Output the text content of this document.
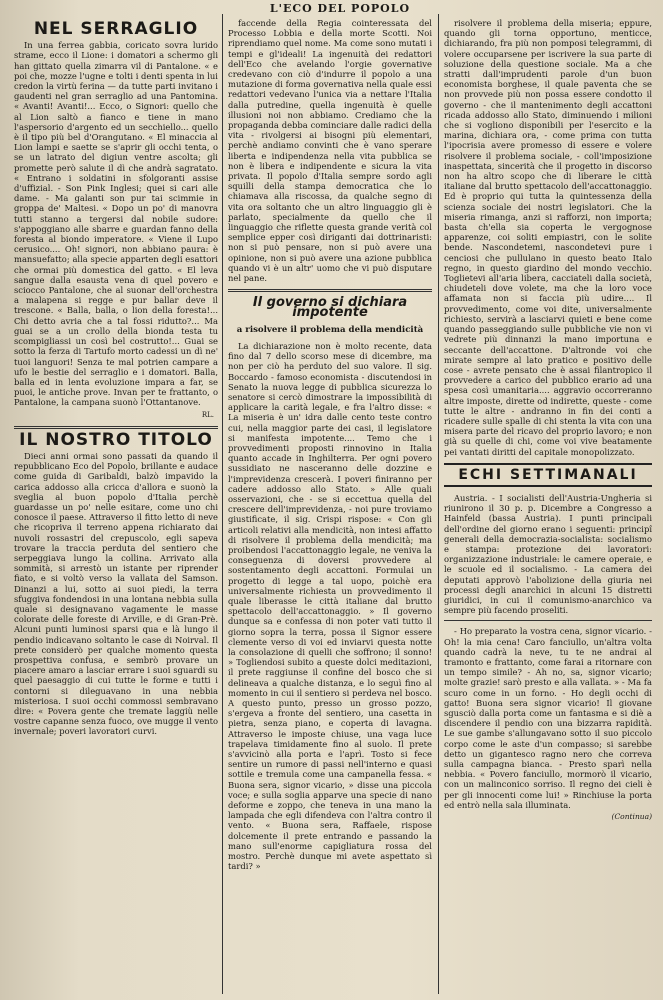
L'ECO DEL POPOLO
NEL SERRAGLIO

In una ferrea gabbia, coricato sovra lurido strame, ecco il Lione: i domatori a schermo gli han gittato quella zimarra vil di Pantalone. « e poi che, mozze l'ugne e tolti i denti spenta in lui credon la virtù ferina — da tutte parti invitano i gaudenti nel gran serraglio ad una Pantomina. « Avanti! Avanti!... Ecco, o Signori: quello che al Lion saltò a fianco e tiene in mano l'aspersorio d'argento ed un secchiello... quello è il tipo più bel d'Orangutano. « El minaccia al Lion lampi e saette se s'aprir gli occhi tenta, o se un latrato del digiun ventre ascolta; gli promette però salute il dì che andrà sagratato. « Entrano i soldatini in sfolgoranti assise d'uffizial. - Son Pink Inglesi; quei si cari alle dame. - Ma galanti son pur tai scimmie in groppa de' Maltesi. « Dopo un po' di manovra tutti stanno a tergersi dal nobile sudore: s'appoggiano alle sbarre e guardan fanno della foresta al biondo imperatore. « Viene il Lupo cerusico.... Oh! signori, non abbiano paura: è mansuefatto; alla specie apparten degli esattori che ormai più domestica del gatto. « El leva sangue dalla esausta vena di quel povero e sciocco Pantalone, che al suonar dell'orchestra a malapena si regge e pur ballar deve il trescone. « Balla, balla, o lion della foresta!... Chi detto avria che a tal fossi ridutto?... Ma guai se a un crollo della bionda testa tu scompigliassi un così bel costrutto!... Guai se sotto la ferza di Tartufo morto cadessi un dì ne' tuoi languori! Senza te mal potrien campare a ufo le bestie del serraglio e i domatori. Balla, balla ed in lenta evoluzione impara a far, se puoi, le antiche prove. Invan per te frattanto, o Pantalone, la campana suonò l'Ottantanove.

RL.
IL NOSTRO TITOLO

Dieci anni ormai sono passati da quando il repubblicano Eco del Popolo, brillante e audace come guida di Garibaldi, balzò impavido la carica addosso alla cricca d'allora e suonò la sveglia al buon popolo d'Italia perchè guardasse un po' nelle esitare, come uno chi conosce il paese. Attraverso il fitto letto di neve che ricopriva il terreno appena richiarato dai nuvoli rossastri del crepuscolo, egli sapeva trovare la traccia perduta del sentiero che serpeggiava lungo la collina. Arrivato alla sommità, si arrestò un istante per riprender fiato, e si voltò verso la vallata del Samson. Dinanzi a lui, sotto ai suoi piedi, la terra sfuggiva fondendosi in una lontana nebbia sulla quale si designavano vagamente le masse colorate delle foreste di Arville, e di Gran-Prè. Alcuni punti luminosi sparsi qua e là lungo il pendio indicavano soltanto le case di Noirval. Il prete considerò per qualche momento questa prospettiva confusa, e sembrò provare un piacere amaro a lasciar errare i suoi sguardi su quel paesaggio di cui tutte le forme e tutti i contorni si dileguavano in una nebbia misteriosa. I suoi occhi commossi sembravano dire: « Povera gente che tremate laggiù nelle vostre capanne senza fuoco, ove mugge il vento invernale; poveri lavoratori curvi.

faccende della Regia cointeressata del Processo Lobbia e della morte Scotti. Noi riprendiamo quel nome. Ma come sono mutati i tempi e gl'ideali! La ingenuità dei redattori dell'Eco che avelando l'orgie governative credevano con ciò d'indurre il popolo a una mutazione di forma governativa nella quale essi redattori vedevano l'unica via a nettare l'Italia dalla putredine, quella ingenuità è quelle illusioni noi non abbiamo. Crediamo che la propaganda debba cominciare dalle radici della vita - rivolgersi ai bisogni più elementari, perchè andiamo convinti che è vano sperare liberta e indipendenza nella vita pubblica se non è libera e indipendente e sicura la vita privata. Il popolo d'Italia sempre sordo agli squilli della stampa democratica che lo chiamava alla riscossa, da qualche segno di vita ora soltanto che un altro linguaggio gli è parlato, specialmente da quello che il linguaggio che riflette questa grande verità col semplice epper così diriganti dai dottrinaristi: non si può pensare, non si può avere una opinione, non si può avere una azione pubblica quando vi è un altr' uomo che vi può disputare nel pane.

Il governo si dichiara impotente
a risolvere il problema della mendicità

La dichiarazione non è molto recente, data fino dal 7 dello scorso mese di dicembre, ma non per ciò ha perduto del suo valore. Il sig. Boccardo - famoso economista - discutendosi in Senato la nuova legge di pubblica sicurezza lo senatore si cercò dimostrare la impossibilità di applicare la carità legale, e fra l'altro disse: « La miseria è un' idra dalle cento teste contro cui, nella maggior parte dei casi, il legislatore si manifesta impotente.... Temo che i provvedimenti proposti rinnovino in Italia quanto accade in Inghilterra. Per ogni povero sussidiato ne nasceranno delle dozzine e l'imprevidenza crescerà. I poveri finiranno per cadere addosso allo Stato. » Alle quali osservazioni, che - se si eccettua quella del crescere dell'imprevidenza, - noi pure troviamo giustificate, il sig. Crispi rispose: « Con gli articoli relativi alla mendicità, non intesi affatto di risolvere il problema della mendicità; ma proibendosi l'accattonaggio legale, ne veniva la conseguenza di doversi provvedere al sostentamento degli accattoni. Formulai un progetto di legge a tal uopo, poichè era universalmente richiesta un provvedimento il quale liberasse le città italiane dal brutto spettacolo dell'accattonaggio. » Il governo dunque sa e confessa di non poter vati tutto il giorno sopra la terra, possa il Signor essere clemente verso di voi ed inviarvi questa notte la consolazione di quelli che soffrono; il sonno! » Togliendosi subito a queste dolci meditazioni, il prete raggiunse il confine del bosco che si delineava a qualche distanza, e lo seguì fino al momento in cui il sentiero si perdeva nel bosco. A questo punto, presso un grosso pozzo, s'ergeva a fronte del sentiero, una casetta in pietra, senza piano, e coperta di lavagna. Attraverso le imposte chiuse, una vaga luce trapelava timidamente fino al suolo. Il prete s'avvicinò alla porta e l'aprì. Tosto si fece sentire un rumore di passi nell'interno e quasi sottile e tremula come una campanella fessa. « Buona sera, signor vicario, » disse una piccola voce; e sulla soglia apparve una specie di nano deforme e zoppo, che teneva in una mano la lampada che egli difendeva con l'altra contro il vento. « Buona sera, Raffaele, rispose dolcemente il prete entrando e passando la mano sull'enorme capigliatura rossa del mostro. Perchè dunque mi avete aspettato sì tardi? »

risolvere il problema della miseria; eppure, quando gli torna opportuno, menticce, dichiarando, fra più non pomposi telegrammi, di volere occuparsene per iscrivere la sua parte di soluzione della questione sociale. Ma a che stratti dall'imprudenti parole d'un buon economista borghese, il quale paventa che se non provvede più non possa essere condotto il governo - che il mantenimento degli accattoni ricada addosso allo Stato, diminuendo i milioni che si vogliono disponibili per l'esercito e la marina, dichiara ora, - come prima con tutta l'ipocrisia avere promesso di essere e volere risolvere il problema sociale, - coll'imposizione inaspettata, sincerità che il progetto in discorso non ha altro scopo che di liberare le città italiane dal brutto spettacolo dell'accattonaggio. Ed è proprio qui tutta la quintessenza della scienza sociale dei nostri legislatori. Che la miseria rimanga, anzi si rafforzi, non importa; basta ch'ella sia coperta le vergognose apparenze, coi soliti empiastri, con le solite bende. Nascondetemi, nascondetevi pure i cenciosi che pullulano in questo beato Italo regno, in questo giardino del mondo vecchio. Toglietevi all'aria libera, cacciateli dalla società, chiudeteli dove volete, ma che la loro voce affamata non si faccia più udire.... Il provvedimento, come voi dite, universalmente richiesto, servirà a lasciarvi quieti e bene come quando passeggiando sulle pubbliche vie non vi vedrete più dinnanzi la mano importuna e seccante dell'accattone. D'altronde voi che mirate sempre al lato pratico e positivo delle cose - avrete pensato che è assai filantropico il provvedere a carico del pubblico erario ad una spesa così umanitaria.... aggravio occorreranno altre imposte, dirette od indirette, queste - come tutte le altre - andranno in fin dei conti a ricadere sulle spalle di chi stenta la vita con una misera parte del ricavo del proprio lavoro; e non già su quelle di chi, come voi vive beatamente pei vantati diritti del capitale monopolizzato.

ECHI SETTIMANALI

Austria. - I socialisti dell'Austria-Ungheria si riunirono il 30 p. p. Dicembre a Congresso a Hainfeld (bassa Austria). I punti principali dell'ordine del giorno erano i seguenti: principî generali della democrazia-socialista: socialismo e stampa: protezione dei lavoratori: organizzazione industriale: le camere operaie, e le scuole ed il socialismo. - La camera dei deputati approvò l'abolizione della giuria nei processi degli anarchici in alcuni 15 distretti giuridici, in cui il comunismo-anarchico va sempre più facendo proseliti.

- Ho preparato la vostra cena, signor vicario. - Oh! la mia cena! Caro fanciullo, un'altra volta quando cadrà la neve, tu te ne andrai al tramonto e frattanto, come farai a ritornare con un tempo simile? - Ah no, sa, signor vicario; molte grazie! sarò presto e alla vallata. » - Ma fa scuro come in un forno. - Ho degli occhi di gatto! Buona sera signor vicario! Il giovane sgusciò dalla porta come un fantasma e si diè a discendere il pendio con una bizzarra rapidità. Le sue gambe s'allungavano sotto il suo piccolo corpo come le aste d'un compasso; si sarebbe detto un gigantesco ragno nero che correva sulla campagna bianca. - Presto sparì nella nebbia. « Povero fanciullo, mormorò il vicario, con un malinconico sorriso. Il regno dei cieli è per gli innocenti come lui! » Rinchiuse la porta ed entrò nella sala illuminata.

(Continua)
